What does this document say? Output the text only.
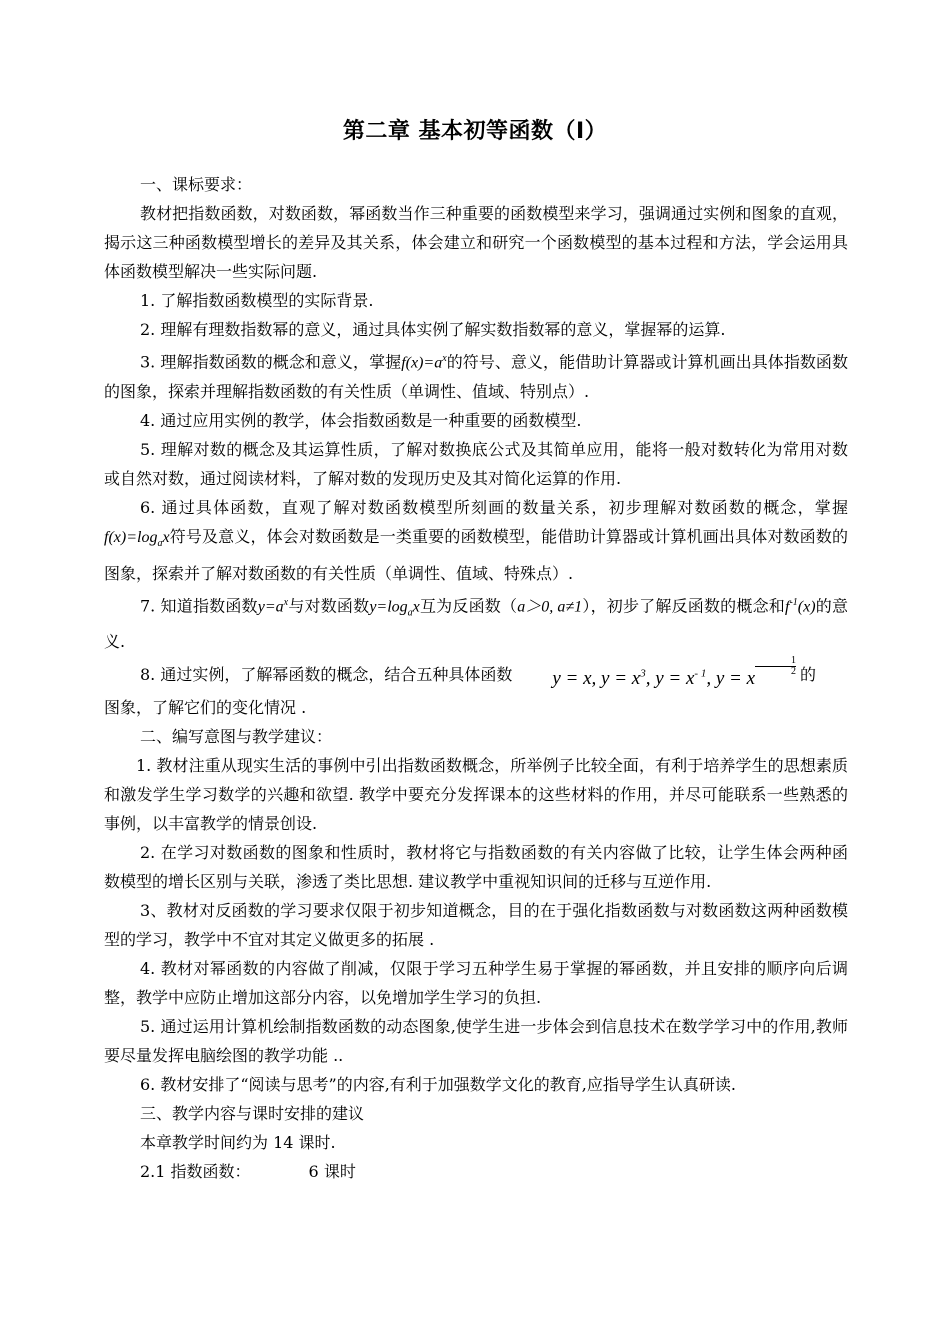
第二章 基本初等函数（Ⅰ）

一、课标要求：

教材把指数函数，对数函数，幂函数当作三种重要的函数模型来学习，强调通过实例和图象的直观，揭示这三种函数模型增长的差异及其关系，体会建立和研究一个函数模型的基本过程和方法，学会运用具体函数模型解决一些实际问题.

1. 了解指数函数模型的实际背景.

2. 理解有理数指数幂的意义，通过具体实例了解实数指数幂的意义，掌握幂的运算.

3. 理解指数函数的概念和意义，掌握$f(x)=a^x$的符号、意义，能借助计算器或计算机画出具体指数函数的图象，探索并理解指数函数的有关性质（单调性、值域、特别点）.

4. 通过应用实例的教学，体会指数函数是一种重要的函数模型.

5. 理解对数的概念及其运算性质，了解对数换底公式及其简单应用，能将一般对数转化为常用对数或自然对数，通过阅读材料，了解对数的发现历史及其对简化运算的作用.

6. 通过具体函数，直观了解对数函数模型所刻画的数量关系，初步理解对数函数的概念，掌握$f(x)=\log_ax$符号及意义，体会对数函数是一类重要的函数模型，能借助计算器或计算机画出具体对数函数的图象，探索并了解对数函数的有关性质（单调性、值域、特殊点）.

7. 知道指数函数$y=a^x$与对数函数$y=\log_ax$互为反函数（a＞0, a≠1），初步了解反函数的概念和$f^{-1}(x)$的意义.

8. 通过实例，了解幂函数的概念，结合五种具体函数 y = x, $y = x^3$, $y = x^{- 1}$, y = x
$\frac{1}{2}$ 的

图象，了解它们的变化情况 .

二、编写意图与教学建议：

1. 教材注重从现实生活的事例中引出指数函数概念，所举例子比较全面，有利于培养学生的思想素质和激发学生学习数学的兴趣和欲望. 教学中要充分发挥课本的这些材料的作用，并尽可能联系一些熟悉的事例，以丰富教学的情景创设.

2. 在学习对数函数的图象和性质时，教材将它与指数函数的有关内容做了比较，让学生体会两种函数模型的增长区别与关联，渗透了类比思想. 建议教学中重视知识间的迁移与互逆作用.

3、教材对反函数的学习要求仅限于初步知道概念，目的在于强化指数函数与对数函数这两种函数模型的学习，教学中不宜对其定义做更多的拓展 .

4. 教材对幂函数的内容做了削减，仅限于学习五种学生易于掌握的幂函数，并且安排的顺序向后调整，教学中应防止增加这部分内容，以免增加学生学习的负担.

5. 通过运用计算机绘制指数函数的动态图象,使学生进一步体会到信息技术在数学学习中的作用,教师要尽量发挥电脑绘图的教学功能 ..

6. 教材安排了“阅读与思考”的内容,有利于加强数学文化的教育,应指导学生认真研读.

三、教学内容与课时安排的建议

本章教学时间约为 14 课时.

2.1 指数函数：	6 课时
